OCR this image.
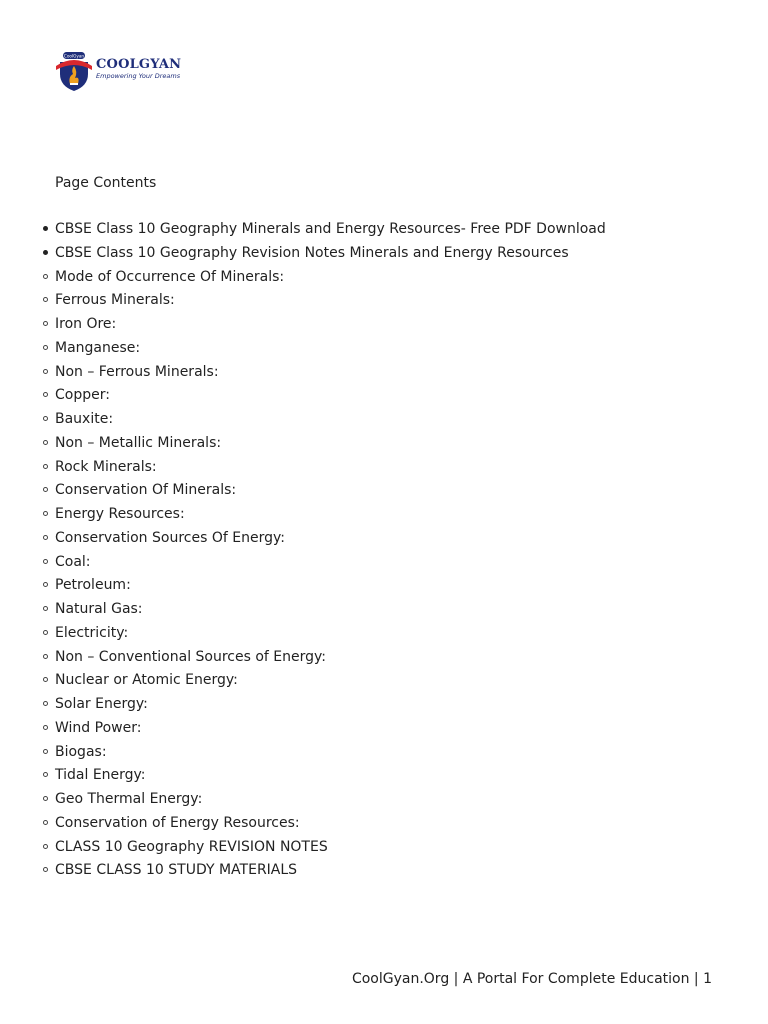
CoolGyan
COOLGYAN
Empowering Your Dreams
Page Contents
CBSE Class 10 Geography Minerals and Energy Resources- Free PDF Download
CBSE Class 10 Geography Revision Notes Minerals and Energy Resources
Mode of Occurrence Of Minerals:
Ferrous Minerals:
Iron Ore:
Manganese:
Non – Ferrous Minerals:
Copper:
Bauxite:
Non – Metallic Minerals:
Rock Minerals:
Conservation Of Minerals:
Energy Resources:
Conservation Sources Of Energy:
Coal:
Petroleum:
Natural Gas:
Electricity:
Non – Conventional Sources of Energy:
Nuclear or Atomic Energy:
Solar Energy:
Wind Power:
Biogas:
Tidal Energy:
Geo Thermal Energy:
Conservation of Energy Resources:
CLASS 10 Geography REVISION NOTES
CBSE CLASS 10 STUDY MATERIALS
CoolGyan.Org | A Portal For Complete Education | 1
